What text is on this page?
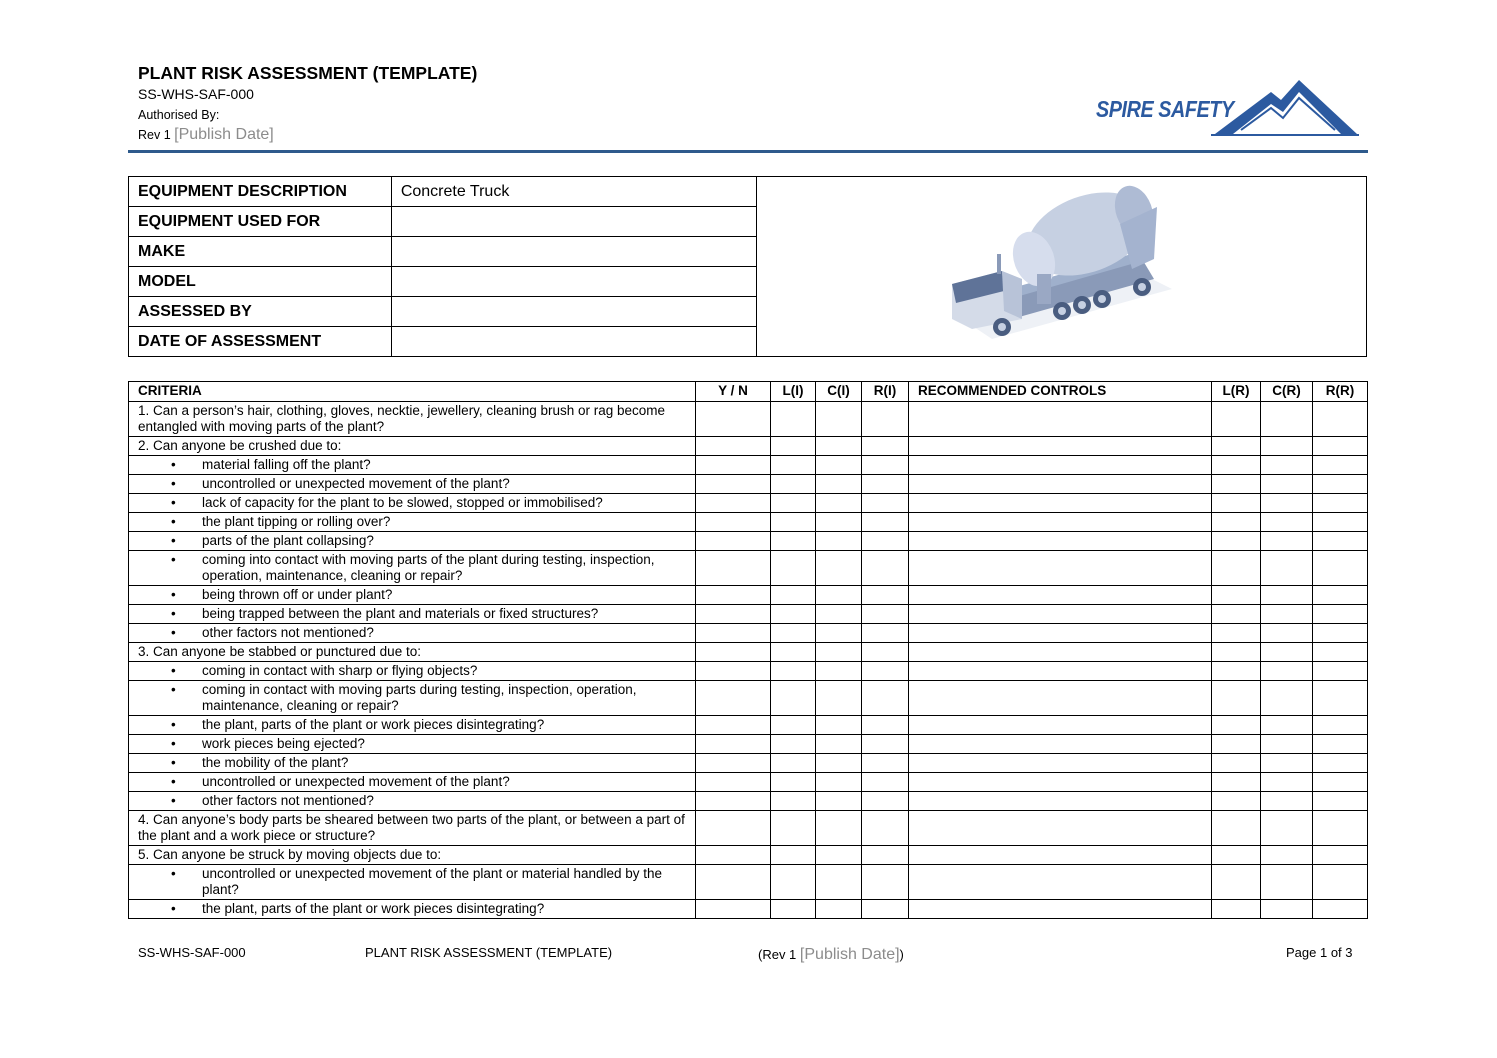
PLANT RISK ASSESSMENT (TEMPLATE)
SS-WHS-SAF-000
Authorised By:
Rev 1 [Publish Date]
SPIRE SAFETY
EQUIPMENT DESCRIPTION	Concrete Truck	
EQUIPMENT USED FOR		
MAKE		
MODEL		
ASSESSED BY		
DATE OF ASSESSMENT		
CRITERIA	Y / N	L(I)	C(I)	R(I)	RECOMMENDED CONTROLS	L(R)	C(R)	R(R)
1. Can a person’s hair, clothing, gloves, necktie, jewellery, cleaning brush or rag become entangled with moving parts of the plant?								
2. Can anyone be crushed due to:								
• material falling off the plant?								
• uncontrolled or unexpected movement of the plant?								
• lack of capacity for the plant to be slowed, stopped or immobilised?								
• the plant tipping or rolling over?								
• parts of the plant collapsing?								
• coming into contact with moving parts of the plant during testing, inspection, operation, maintenance, cleaning or repair?								
• being thrown off or under plant?								
• being trapped between the plant and materials or fixed structures?								
• other factors not mentioned?								
3. Can anyone be stabbed or punctured due to:								
• coming in contact with sharp or flying objects?								
• coming in contact with moving parts during testing, inspection, operation, maintenance, cleaning or repair?								
• the plant, parts of the plant or work pieces disintegrating?								
• work pieces being ejected?								
• the mobility of the plant?								
• uncontrolled or unexpected movement of the plant?								
• other factors not mentioned?								
4. Can anyone’s body parts be sheared between two parts of the plant, or between a part of the plant and a work piece or structure?								
5. Can anyone be struck by moving objects due to:								
• uncontrolled or unexpected movement of the plant or material handled by the plant?								
• the plant, parts of the plant or work pieces disintegrating?								
SS-WHS-SAF-000	PLANT RISK ASSESSMENT (TEMPLATE)	(Rev 1 [Publish Date])	Page 1 of 3
